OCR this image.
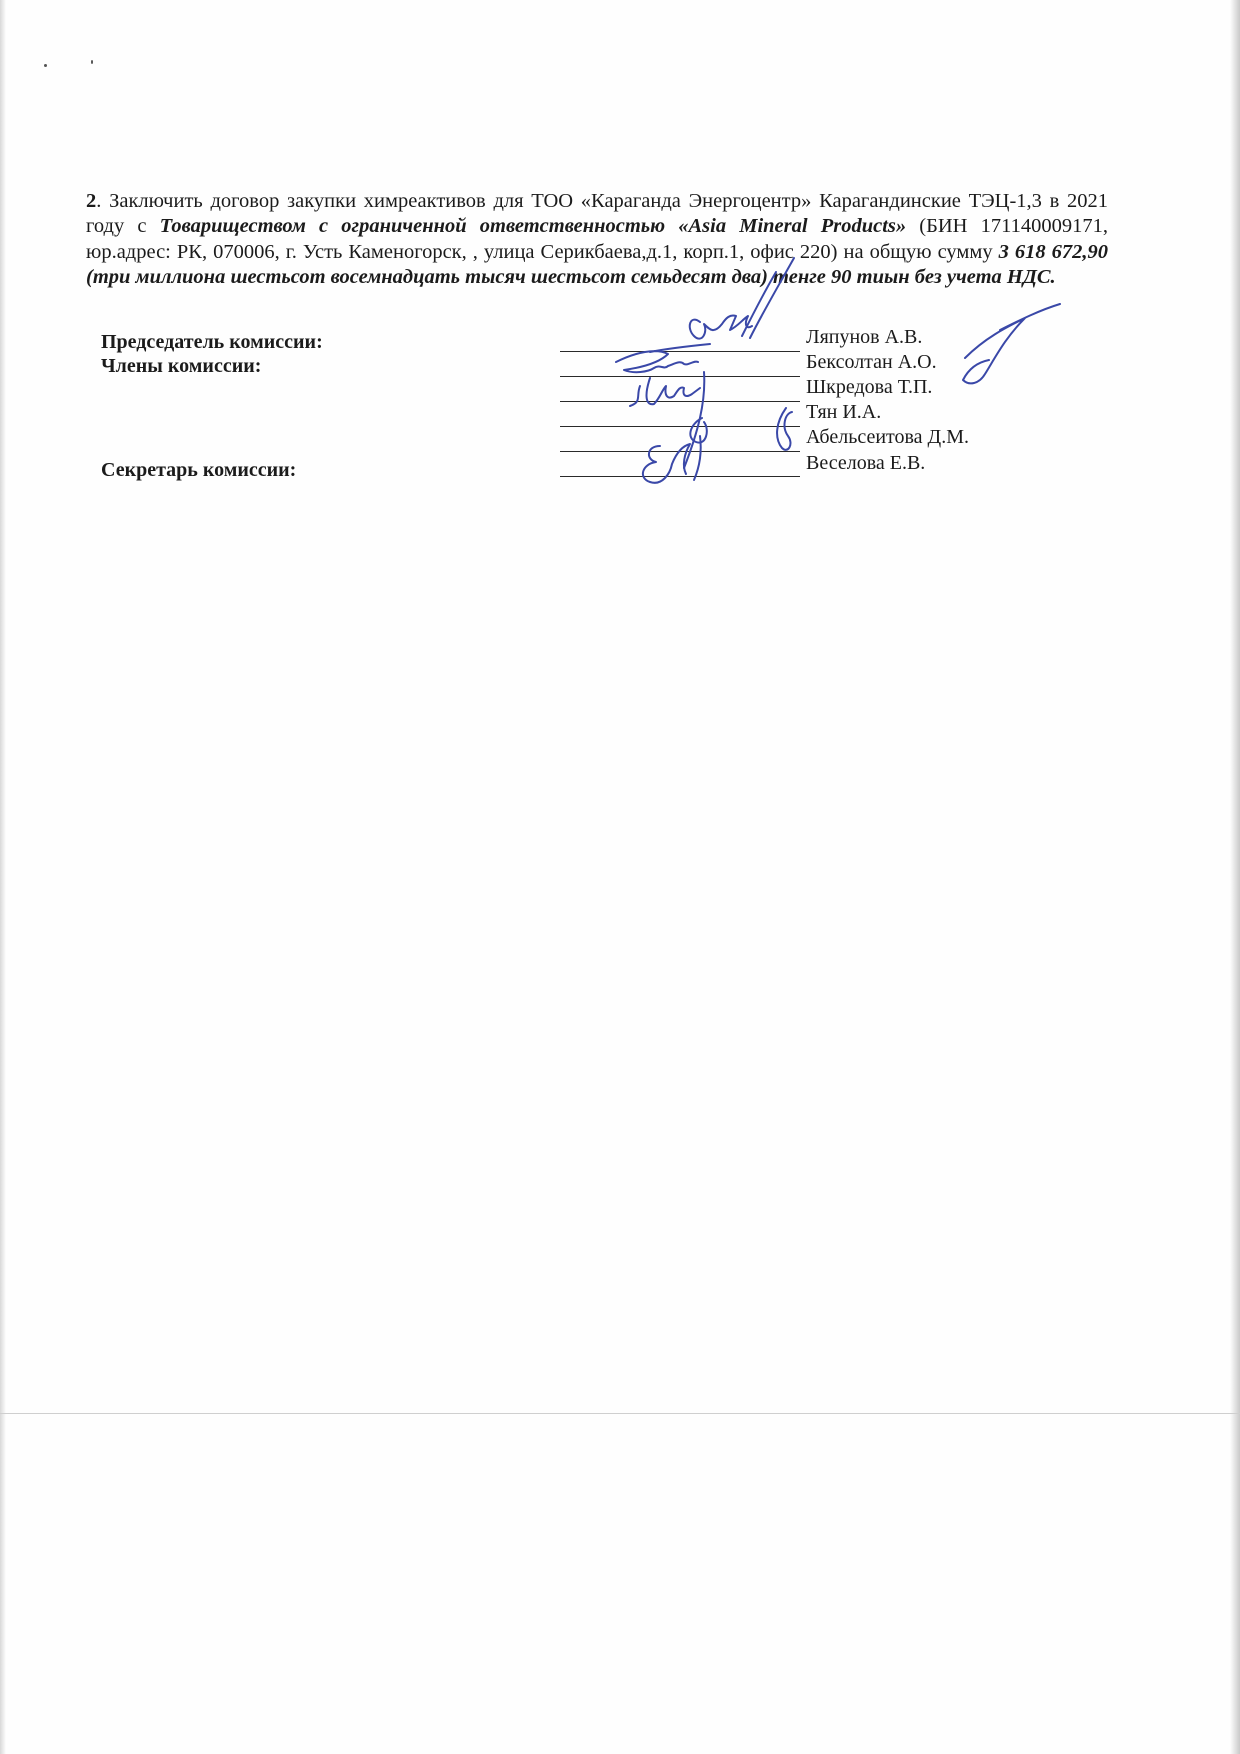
2. Заключить договор закупки химреактивов для ТОО «Караганда Энергоцентр» Карагандинские ТЭЦ-1,3 в 2021 году с Товариществом с ограниченной ответственностью «Asia Mineral Products» (БИН 171140009171, юр.адрес: РК, 070006, г. Усть Каменогорск, , улица Серикбаева,д.1, корп.1, офис 220) на общую сумму 3 618 672,90 (три миллиона шестьсот восемнадцать тысяч шестьсот семьдесят два) тенге 90 тиын без учета НДС.

Председатель комиссии:
Члены комиссии:
Секретарь комиссии:
Ляпунов А.В.
Бексолтан А.О.
Шкредова Т.П.
Тян И.А.
Абельсеитова Д.М.
Веселова Е.В.
